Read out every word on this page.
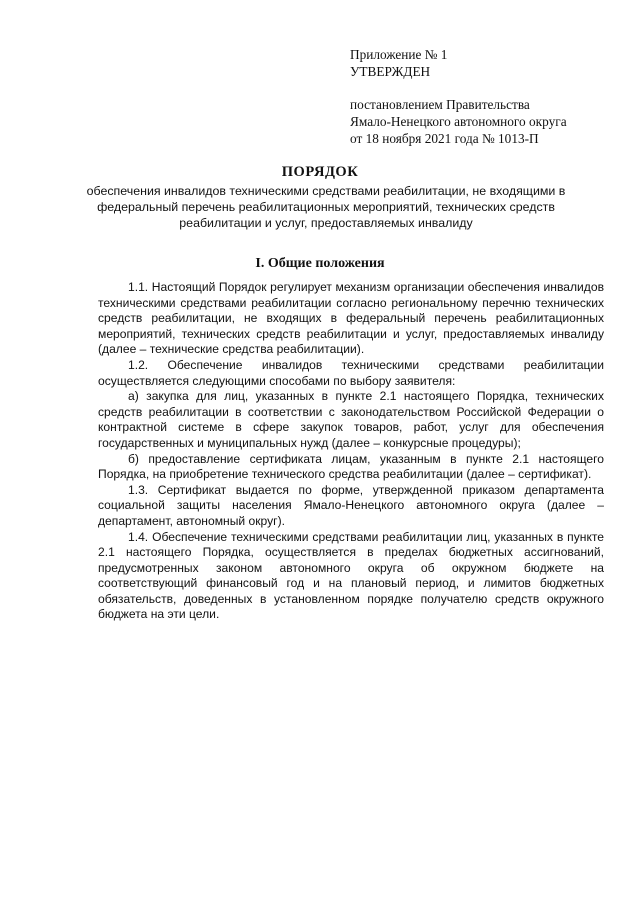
Приложение № 1
УТВЕРЖДЕН
постановлением Правительства
Ямало-Ненецкого автономного округа
от 18 ноября 2021 года № 1013-П
ПОРЯДОК
обеспечения инвалидов техническими средствами реабилитации, не входящими в федеральный перечень реабилитационных мероприятий, технических средств реабилитации и услуг, предоставляемых инвалиду
I. Общие положения

1.1. Настоящий Порядок регулирует механизм организации обеспечения инвалидов техническими средствами реабилитации согласно региональному перечню технических средств реабилитации, не входящих в федеральный перечень реабилитационных мероприятий, технических средств реабилитации и услуг, предоставляемых инвалиду (далее – технические средства реабилитации).

1.2. Обеспечение инвалидов техническими средствами реабилитации осуществляется следующими способами по выбору заявителя:

а) закупка для лиц, указанных в пункте 2.1 настоящего Порядка, технических средств реабилитации в соответствии с законодательством Российской Федерации о контрактной системе в сфере закупок товаров, работ, услуг для обеспечения государственных и муниципальных нужд (далее – конкурсные процедуры);

б) предоставление сертификата лицам, указанным в пункте 2.1 настоящего Порядка, на приобретение технического средства реабилитации (далее – сертификат).

1.3. Сертификат выдается по форме, утвержденной приказом департамента социальной защиты населения Ямало-Ненецкого автономного округа (далее – департамент, автономный округ).

1.4. Обеспечение техническими средствами реабилитации лиц, указанных в пункте 2.1 настоящего Порядка, осуществляется в пределах бюджетных ассигнований, предусмотренных законом автономного округа об окружном бюджете на соответствующий финансовый год и на плановый период, и лимитов бюджетных обязательств, доведенных в установленном порядке получателю средств окружного бюджета на эти цели.
